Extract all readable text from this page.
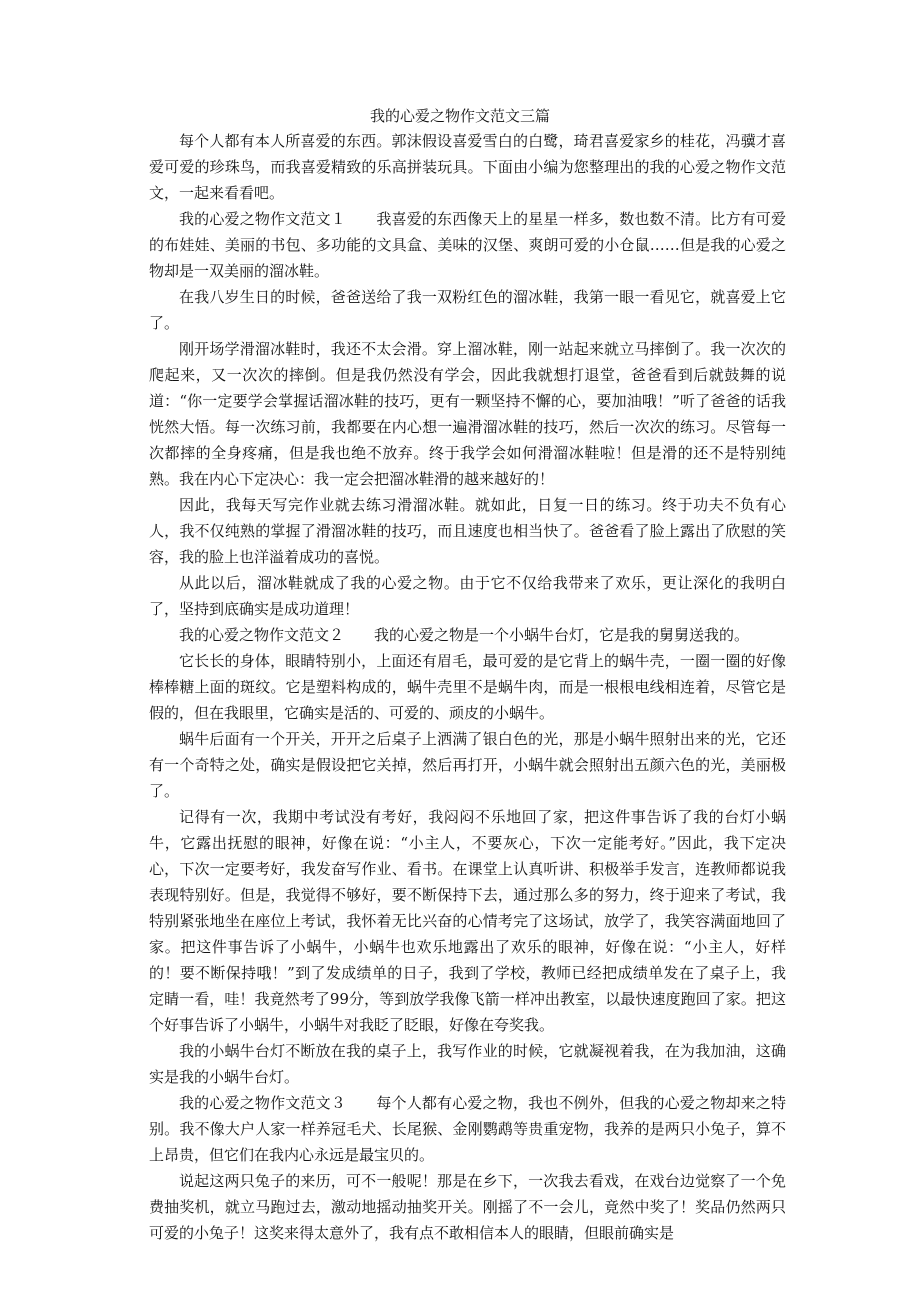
我的心爱之物作文范文三篇

每个人都有本人所喜爱的东西。郭沫假设喜爱雪白的白鹭，琦君喜爱家乡的桂花，冯骥才喜爱可爱的珍珠鸟，而我喜爱精致的乐高拼装玩具。下面由小编为您整理出的我的心爱之物作文范文，一起来看看吧。

我的心爱之物作文范文１　　我喜爱的东西像天上的星星一样多，数也数不清。比方有可爱的布娃娃、美丽的书包、多功能的文具盒、美味的汉堡、爽朗可爱的小仓鼠……但是我的心爱之物却是一双美丽的溜冰鞋。

在我八岁生日的时候，爸爸送给了我一双粉红色的溜冰鞋，我第一眼一看见它，就喜爱上它了。

刚开场学滑溜冰鞋时，我还不太会滑。穿上溜冰鞋，刚一站起来就立马摔倒了。我一次次的爬起来，又一次次的摔倒。但是我仍然没有学会，因此我就想打退堂，爸爸看到后就鼓舞的说道：“你一定要学会掌握话溜冰鞋的技巧，更有一颗坚持不懈的心，要加油哦！”听了爸爸的话我恍然大悟。每一次练习前，我都要在内心想一遍滑溜冰鞋的技巧，然后一次次的练习。尽管每一次都摔的全身疼痛，但是我也绝不放弃。终于我学会如何滑溜冰鞋啦！但是滑的还不是特别纯熟。我在内心下定决心：我一定会把溜冰鞋滑的越来越好的！

因此，我每天写完作业就去练习滑溜冰鞋。就如此，日复一日的练习。终于功夫不负有心人，我不仅纯熟的掌握了滑溜冰鞋的技巧，而且速度也相当快了。爸爸看了脸上露出了欣慰的笑容，我的脸上也洋溢着成功的喜悦。

从此以后，溜冰鞋就成了我的心爱之物。由于它不仅给我带来了欢乐，更让深化的我明白了，坚持到底确实是成功道理！

我的心爱之物作文范文２　　我的心爱之物是一个小蜗牛台灯，它是我的舅舅送我的。

它长长的身体，眼睛特别小，上面还有眉毛，最可爱的是它背上的蜗牛壳，一圈一圈的好像棒棒糖上面的斑纹。它是塑料构成的，蜗牛壳里不是蜗牛肉，而是一根根电线相连着，尽管它是假的，但在我眼里，它确实是活的、可爱的、顽皮的小蜗牛。

蜗牛后面有一个开关，开开之后桌子上洒满了银白色的光，那是小蜗牛照射出来的光，它还有一个奇特之处，确实是假设把它关掉，然后再打开，小蜗牛就会照射出五颜六色的光，美丽极了。

记得有一次，我期中考试没有考好，我闷闷不乐地回了家，把这件事告诉了我的台灯小蜗牛，它露出抚慰的眼神，好像在说：“小主人，不要灰心，下次一定能考好。”因此，我下定决心，下次一定要考好，我发奋写作业、看书。在课堂上认真听讲、积极举手发言，连教师都说我表现特别好。但是，我觉得不够好，要不断保持下去，通过那么多的努力，终于迎来了考试，我特别紧张地坐在座位上考试，我怀着无比兴奋的心情考完了这场试，放学了，我笑容满面地回了家。把这件事告诉了小蜗牛，小蜗牛也欢乐地露出了欢乐的眼神，好像在说：“小主人，好样的！要不断保持哦！”到了发成绩单的日子，我到了学校，教师已经把成绩单发在了桌子上，我定睛一看，哇！我竟然考了99分，等到放学我像飞箭一样冲出教室，以最快速度跑回了家。把这个好事告诉了小蜗牛，小蜗牛对我眨了眨眼，好像在夸奖我。

我的小蜗牛台灯不断放在我的桌子上，我写作业的时候，它就凝视着我，在为我加油，这确实是我的小蜗牛台灯。

我的心爱之物作文范文３　　每个人都有心爱之物，我也不例外，但我的心爱之物却来之特别。我不像大户人家一样养冠毛犬、长尾猴、金刚鹦鹉等贵重宠物，我养的是两只小兔子，算不上昂贵，但它们在我内心永远是最宝贝的。

说起这两只兔子的来历，可不一般呢！那是在乡下，一次我去看戏，在戏台边觉察了一个免费抽奖机，就立马跑过去，激动地摇动抽奖开关。刚摇了不一会儿，竟然中奖了！奖品仍然两只可爱的小兔子！这奖来得太意外了，我有点不敢相信本人的眼睛，但眼前确实是
